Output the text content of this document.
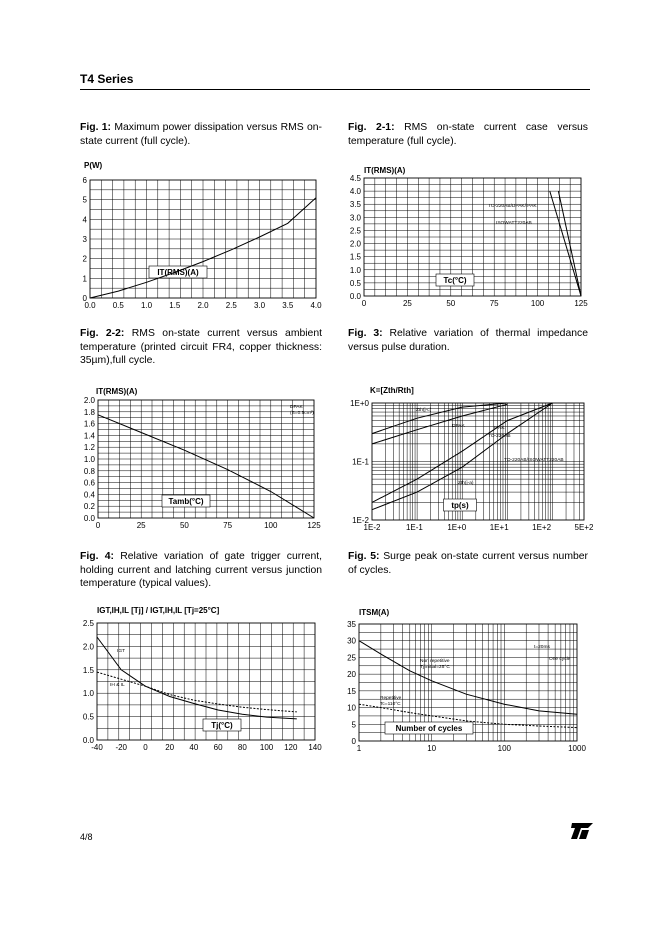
T4 Series
Fig. 1: Maximum power dissipation versus RMS on-state current (full cycle).
Fig. 2-1: RMS on-state current case versus temperature (full cycle).
Fig. 2-2: RMS on-state current versus ambient temperature (printed circuit FR4, copper thickness: 35µm),full cycle.
Fig. 3: Relative variation of thermal impedance versus pulse duration.
Fig. 4: Relative variation of gate trigger current, holding current and latching current versus junction temperature (typical values).
Fig. 5: Surge peak on-state current versus number of cycles.
0.0 0.5 1.0 1.5 2.0 2.5 3.0 3.5 4.0
0
1
2
3
4
5
6
P(W)
IT(RMS)(A)
0	25	50	75	100	125
0.0
0.5
1.0
1.5
2.0
2.5
3.0
3.5
4.0
4.5
IT(RMS)(A)
Tc(°C)
TO-220AB/DPAK/IPAK
ISOWATT220AB
0	25	50	75	100	125
0.0
0.2
0.4
0.6
0.8
1.0
1.2
1.4
1.6
1.8
2.0
IT(RMS)(A)
Tamb(°C)
DPAK
(S=0.5cm²)
1E-2	1E-1	1E+0	1E+1	1E+2	5E+2
1E-2
1E-1
1E+0
K=[Zth/Rth]
tp(s)
Zth(j-c)
DPAK	IPAK
TO-220AB
Zth(j-a)
TO-220AB/ISOWATT220AB
-40 -20 0 20 40 60 80 100 120 140
0.0
0.5
1.0
1.5
2.0
2.5
IGT,IH,IL [Tj] / IGT,IH,IL [Tj=25°C]
Tj(°C)
IGT
IH & IL
1	10	100	1000
0
5
10
15
20
25
30
35
ITSM(A)
Number of cycles
Non repetitive
Tj initial=25°C
Repetitive
Tc=110°C
t=20ms
One cycle
4/8
